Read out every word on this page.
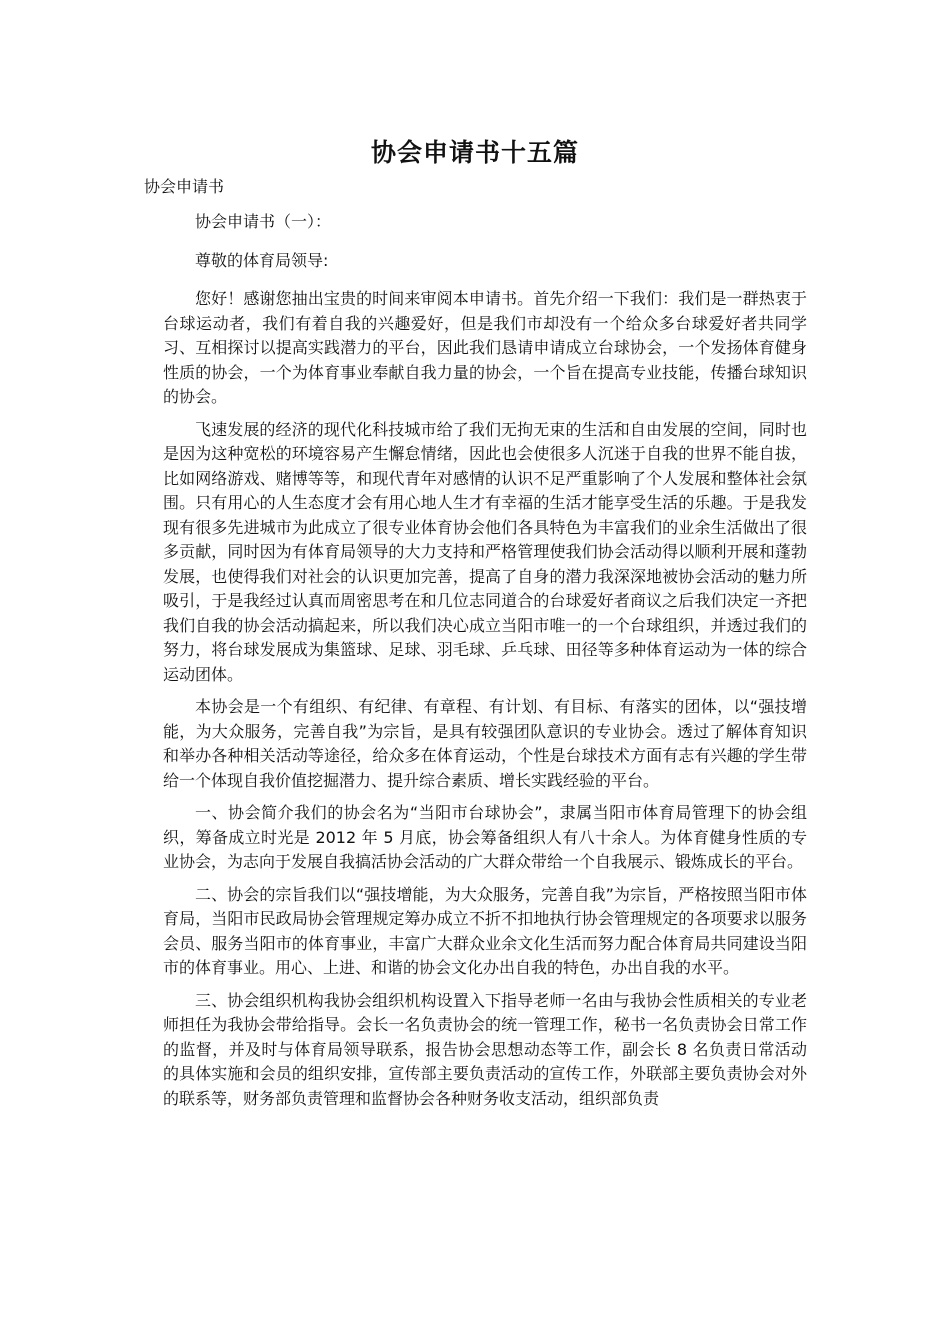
协会申请书十五篇

协会申请书

协会申请书（一）：

尊敬的体育局领导:

您好！感谢您抽出宝贵的时间来审阅本申请书。首先介绍一下我们：我们是一群热衷于台球运动者，我们有着自我的兴趣爱好，但是我们市却没有一个给众多台球爱好者共同学习、互相探讨以提高实践潜力的平台，因此我们恳请申请成立台球协会，一个发扬体育健身性质的协会，一个为体育事业奉献自我力量的协会，一个旨在提高专业技能，传播台球知识的协会。

飞速发展的经济的现代化科技城市给了我们无拘无束的生活和自由发展的空间，同时也是因为这种宽松的环境容易产生懈怠情绪，因此也会使很多人沉迷于自我的世界不能自拔，比如网络游戏、赌博等等，和现代青年对感情的认识不足严重影响了个人发展和整体社会氛围。只有用心的人生态度才会有用心地人生才有幸福的生活才能享受生活的乐趣。于是我发现有很多先进城市为此成立了很专业体育协会他们各具特色为丰富我们的业余生活做出了很多贡献，同时因为有体育局领导的大力支持和严格管理使我们协会活动得以顺利开展和蓬勃发展，也使得我们对社会的认识更加完善，提高了自身的潜力我深深地被协会活动的魅力所吸引，于是我经过认真而周密思考在和几位志同道合的台球爱好者商议之后我们决定一齐把我们自我的协会活动搞起来，所以我们决心成立当阳市唯一的一个台球组织，并透过我们的努力，将台球发展成为集篮球、足球、羽毛球、乒乓球、田径等多种体育运动为一体的综合运动团体。

本协会是一个有组织、有纪律、有章程、有计划、有目标、有落实的团体，以“强技增能，为大众服务，完善自我”为宗旨，是具有较强团队意识的专业协会。透过了解体育知识和举办各种相关活动等途径，给众多在体育运动，个性是台球技术方面有志有兴趣的学生带给一个体现自我价值挖掘潜力、提升综合素质、增长实践经验的平台。

一、协会简介我们的协会名为“当阳市台球协会”，隶属当阳市体育局管理下的协会组织，筹备成立时光是 2012 年 5 月底，协会筹备组织人有八十余人。为体育健身性质的专业协会，为志向于发展自我搞活协会活动的广大群众带给一个自我展示、锻炼成长的平台。

二、协会的宗旨我们以“强技增能，为大众服务，完善自我”为宗旨，严格按照当阳市体育局，当阳市民政局协会管理规定筹办成立不折不扣地执行协会管理规定的各项要求以服务会员、服务当阳市的体育事业，丰富广大群众业余文化生活而努力配合体育局共同建设当阳市的体育事业。用心、上进、和谐的协会文化办出自我的特色，办出自我的水平。

三、协会组织机构我协会组织机构设置入下指导老师一名由与我协会性质相关的专业老师担任为我协会带给指导。会长一名负责协会的统一管理工作，秘书一名负责协会日常工作的监督，并及时与体育局领导联系，报告协会思想动态等工作，副会长 8 名负责日常活动的具体实施和会员的组织安排，宣传部主要负责活动的宣传工作，外联部主要负责协会对外的联系等，财务部负责管理和监督协会各种财务收支活动，组织部负责
